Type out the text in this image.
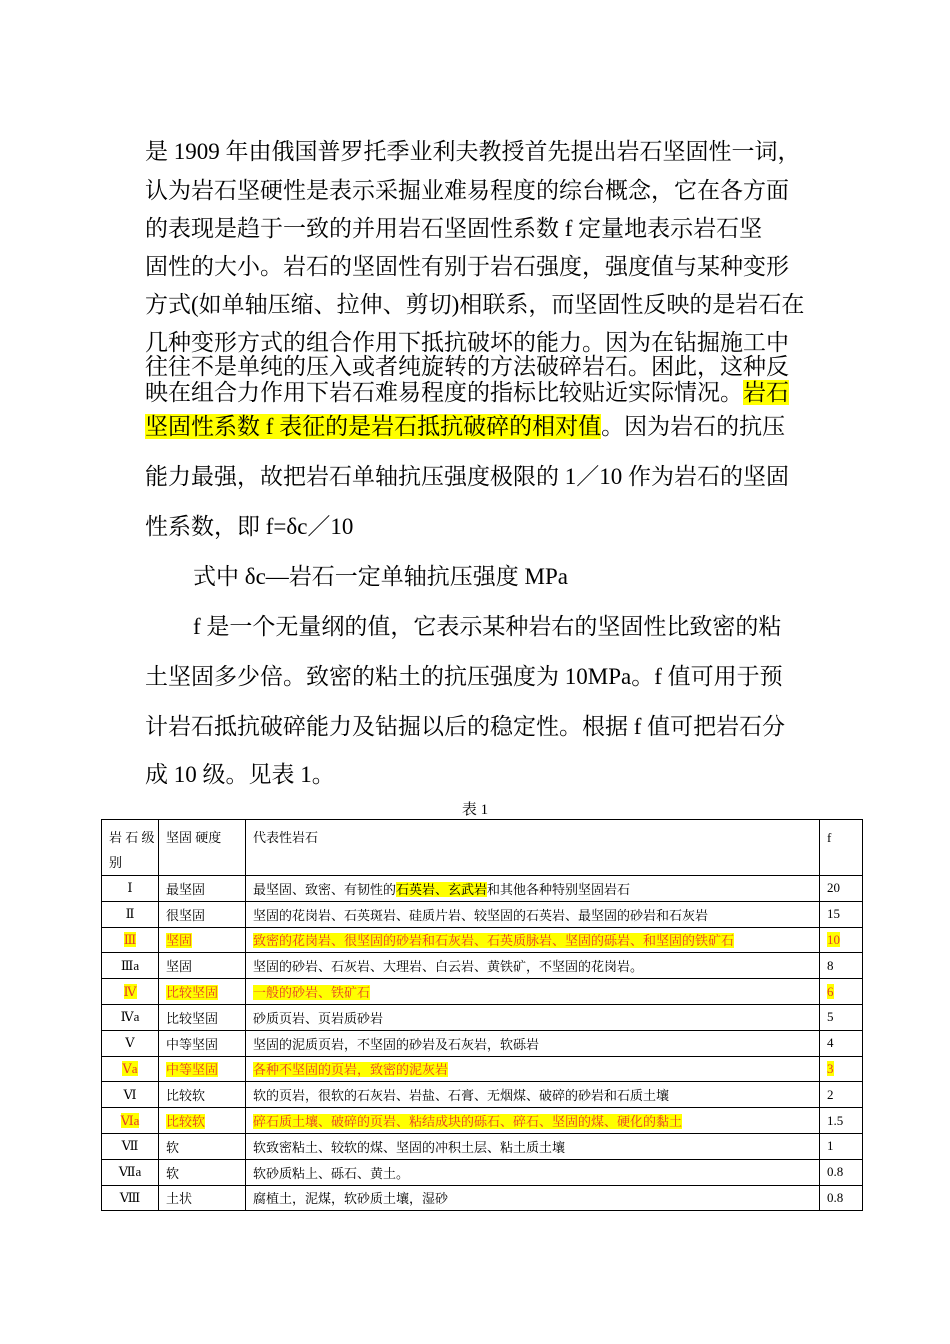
是 1909 年由俄国普罗托季业利夫教授首先提出岩石坚固性一词，
认为岩石坚硬性是表示采掘业难易程度的综台概念，它在各方面
的表现是趋于一致的并用岩石坚固性系数 f 定量地表示岩石坚
固性的大小。岩石的坚固性有别于岩石强度，强度值与某种变形
方式(如单轴压缩、拉伸、剪切)相联系，而坚固性反映的是岩石在
几种变形方式的组合作用下抵抗破坏的能力。因为在钻掘施工中
往往不是单纯的压入或者纯旋转的方法破碎岩石。困此，这种反
映在组合力作用下岩石难易程度的指标比较贴近实际情况。岩石
坚固性系数 f 表征的是岩石抵抗破碎的相对值。因为岩石的抗压
能力最强，故把岩石单轴抗压强度极限的 1／10 作为岩石的坚固
性系数，即 f=δc／10
式中 δc—岩石一定单轴抗压强度 MPa
f 是一个无量纲的值，它表示某种岩右的坚固性比致密的粘
土坚固多少倍。致密的粘土的抗压强度为 10MPa。f 值可用于预
计岩石抵抗破碎能力及钻掘以后的稳定性。根据 f 值可把岩石分
成 10 级。见表 1。
表 1
岩 石 级别	坚固 硬度	代表性岩石	f
Ⅰ	最坚固	最坚固、致密、有韧性的石英岩、玄武岩和其他各种特别坚固岩石	20
Ⅱ	很坚固	坚固的花岗岩、石英斑岩、硅质片岩、较坚固的石英岩、最坚固的砂岩和石灰岩	15
Ⅲ	坚固	致密的花岗岩、很坚固的砂岩和石灰岩、石英质脉岩、坚固的砾岩、和坚固的铁矿石	10
Ⅲa	坚固	坚固的砂岩、石灰岩、大理岩、白云岩、黄铁矿，不坚固的花岗岩。	8
Ⅳ	比较坚固	一般的砂岩、铁矿石	6
Ⅳa	比较坚固	砂质页岩、页岩质砂岩	5
Ⅴ	中等坚固	坚固的泥质页岩，不坚固的砂岩及石灰岩，软砾岩	4
Ⅴa	中等坚固	各种不坚固的页岩，致密的泥灰岩	3
Ⅵ	比较软	软的页岩，很软的石灰岩、岩盐、石膏、无烟煤、破碎的砂岩和石质土壤	2
Ⅵa	比较软	碎石质土壤、破碎的页岩、粘结成块的砾石、碎石、坚固的煤、硬化的黏土	1.5
Ⅶ	软	软致密粘土、较软的煤、坚固的冲积土层、粘土质土壤	1
Ⅶa	软	软砂质粘上、砾石、黄土。	0.8
Ⅷ	土状	腐植土，泥煤，软砂质土壤，湿砂	0.8
